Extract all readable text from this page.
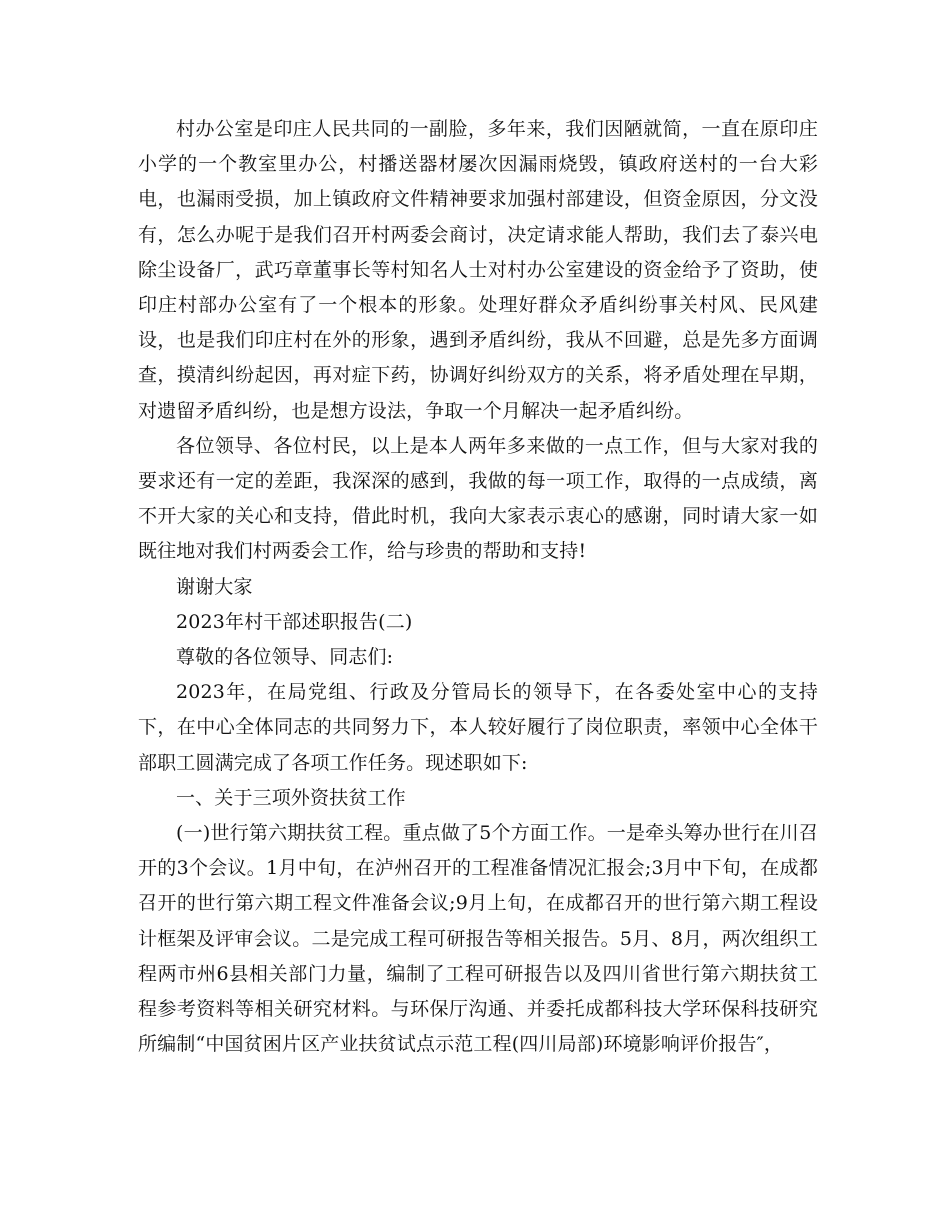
村办公室是印庄人民共同的一副脸，多年来，我们因陋就简，一直在原印庄小学的一个教室里办公，村播送器材屡次因漏雨烧毁，镇政府送村的一台大彩电，也漏雨受损，加上镇政府文件精神要求加强村部建设，但资金原因，分文没有，怎么办呢于是我们召开村两委会商讨，决定请求能人帮助，我们去了泰兴电除尘设备厂，武巧章董事长等村知名人士对村办公室建设的资金给予了资助，使印庄村部办公室有了一个根本的形象。处理好群众矛盾纠纷事关村风、民风建设，也是我们印庄村在外的形象，遇到矛盾纠纷，我从不回避，总是先多方面调查，摸清纠纷起因，再对症下药，协调好纠纷双方的关系，将矛盾处理在早期，对遗留矛盾纠纷，也是想方设法，争取一个月解决一起矛盾纠纷。

各位领导、各位村民，以上是本人两年多来做的一点工作，但与大家对我的要求还有一定的差距，我深深的感到，我做的每一项工作，取得的一点成绩，离不开大家的关心和支持，借此时机，我向大家表示衷心的感谢，同时请大家一如既往地对我们村两委会工作，给与珍贵的帮助和支持!

谢谢大家

2023年村干部述职报告(二)

尊敬的各位领导、同志们:

2023年，在局党组、行政及分管局长的领导下，在各委处室中心的支持下，在中心全体同志的共同努力下，本人较好履行了岗位职责，率领中心全体干部职工圆满完成了各项工作任务。现述职如下:

一、关于三项外资扶贫工作

(一)世行第六期扶贫工程。重点做了5个方面工作。一是牵头筹办世行在川召开的3个会议。1月中旬，在泸州召开的工程准备情况汇报会;3月中下旬，在成都召开的世行第六期工程文件准备会议;9月上旬，在成都召开的世行第六期工程设计框架及评审会议。二是完成工程可研报告等相关报告。5月、8月，两次组织工程两市州6县相关部门力量，编制了工程可研报告以及四川省世行第六期扶贫工程参考资料等相关研究材料。与环保厅沟通、并委托成都科技大学环保科技研究所编制“中国贫困片区产业扶贫试点示范工程(四川局部)环境影响评价报告″，
